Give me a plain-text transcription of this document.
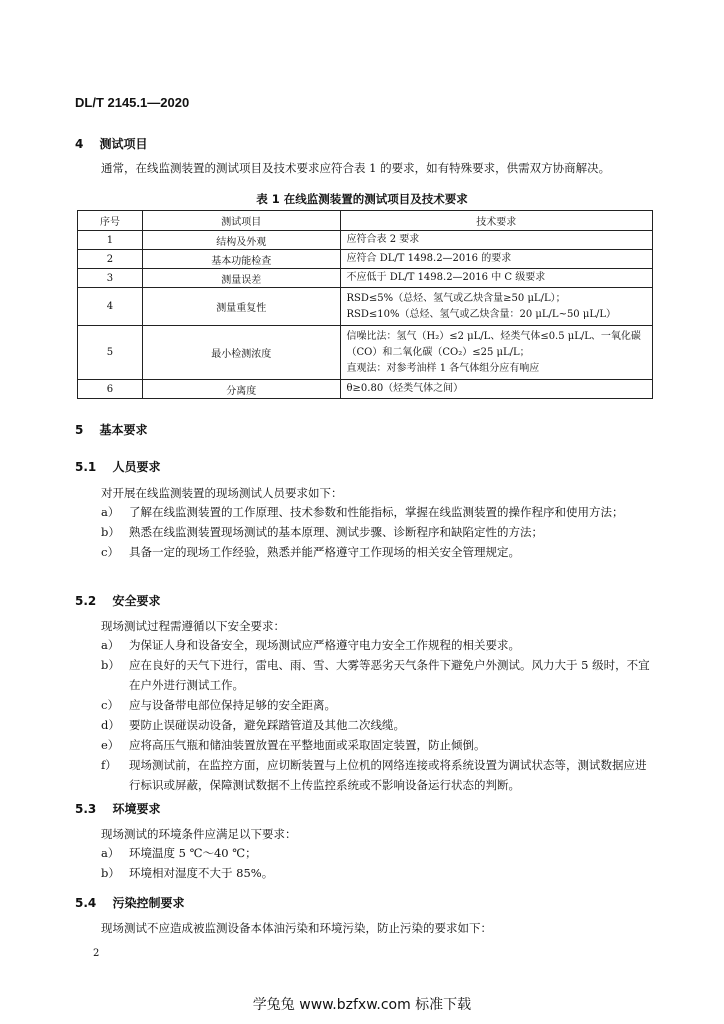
DL/T 2145.1—2020
4 测试项目
通常，在线监测装置的测试项目及技术要求应符合表 1 的要求，如有特殊要求，供需双方协商解决。
表 1 在线监测装置的测试项目及技术要求
序号	测试项目	技术要求
1	结构及外观	应符合表 2 要求
2	基本功能检查	应符合 DL/T 1498.2—2016 的要求
3	测量误差	不应低于 DL/T 1498.2—2016 中 C 级要求
4	测量重复性	RSD≤5%（总烃、氢气或乙炔含量≥50 μL/L）；
RSD≤10%（总烃、氢气或乙炔含量：20 μL/L~50 μL/L）

5	最小检测浓度	信噪比法：氢气（H₂）≤2 μL/L、烃类气体≤0.5 μL/L、一氧化碳（CO）和二氧化碳（CO₂）≤25 μL/L；
直观法：对参考油样 1 各气体组分应有响应

6	分离度	θ≥0.80（烃类气体之间）
5 基本要求
5.1 人员要求
对开展在线监测装置的现场测试人员要求如下：
a） 了解在线监测装置的工作原理、技术参数和性能指标，掌握在线监测装置的操作程序和使用方法；
b） 熟悉在线监测装置现场测试的基本原理、测试步骤、诊断程序和缺陷定性的方法；
c） 具备一定的现场工作经验，熟悉并能严格遵守工作现场的相关安全管理规定。
5.2 安全要求
现场测试过程需遵循以下安全要求：
a） 为保证人身和设备安全，现场测试应严格遵守电力安全工作规程的相关要求。
b） 应在良好的天气下进行，雷电、雨、雪、大雾等恶劣天气条件下避免户外测试。风力大于 5 级时，不宜在户外进行测试工作。
c） 应与设备带电部位保持足够的安全距离。
d） 要防止误碰误动设备，避免踩踏管道及其他二次线缆。
e） 应将高压气瓶和储油装置放置在平整地面或采取固定装置，防止倾倒。
f）	现场测试前，在监控方面，应切断装置与上位机的网络连接或将系统设置为调试状态等，测试数据应进行标识或屏蔽，保障测试数据不上传监控系统或不影响设备运行状态的判断。
5.3 环境要求
现场测试的环境条件应满足以下要求：
a） 环境温度 5 ℃～40 ℃；
b） 环境相对湿度不大于 85%。
5.4 污染控制要求
现场测试不应造成被监测设备本体油污染和环境污染，防止污染的要求如下：
2
学兔兔 www.bzfxw.com 标准下载
